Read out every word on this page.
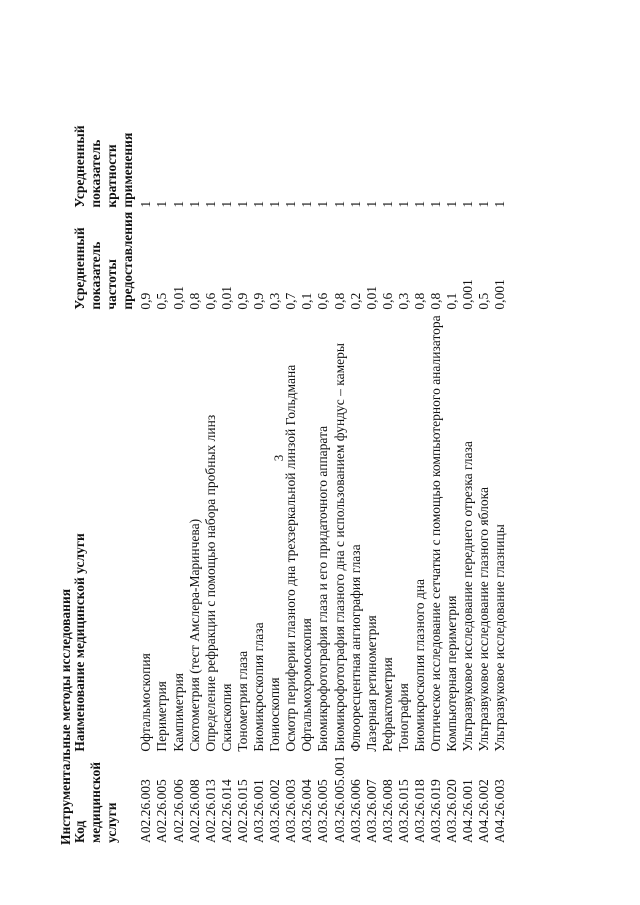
3
Инструментальные методы исследования Код медицинской услуги	Наименование медицинской услуги	Усредненный показатель частоты предоставления	Усредненный показатель кратности применения
A02.26.003	Офтальмоскопия	0,9	1
A02.26.005	Периметрия	0,5	1
A02.26.006	Кампиметрия	0,01	1
A02.26.008	Скотометрия (тест Амслера-Маринчева)	0,8	1
A02.26.013	Определение рефракции с помощью набора пробных линз	0,6	1
A02.26.014	Скиаскопия	0,01	1
A02.26.015	Тонометрия глаза	0,9	1
A03.26.001	Биомикроскопия глаза	0,9	1
A03.26.002	Гониоскопия	0,3	1
A03.26.003	Осмотр периферии глазного дна трехзеркальной линзой Гольдмана	0,7	1
A03.26.004	Офтальмохромоскопия	0,1	1
A03.26.005	Биомикрофотография глаза и его придаточного аппарата	0,6	1
A03.26.005.001	Биомикрофотография глазного дна с использованием фундус – камеры	0,8	1
A03.26.006	Флюоресцентная ангиография глаза	0,2	1
A03.26.007	Лазерная ретинометрия	0,01	1
A03.26.008	Рефрактометрия	0,6	1
A03.26.015	Тонография	0,3	1
A03.26.018	Биомикроскопия глазного дна	0,8	1
A03.26.019	Оптическое исследование сетчатки с помощью компьютерного анализатора	0,8	1
A03.26.020	Компьютерная периметрия	0,1	1
A04.26.001	Ультразвуковое исследование переднего отрезка глаза	0,001	1
A04.26.002	Ультразвуковое исследование глазного яблока	0,5	1
A04.26.003	Ультразвуковое исследование глазницы	0,001	1
